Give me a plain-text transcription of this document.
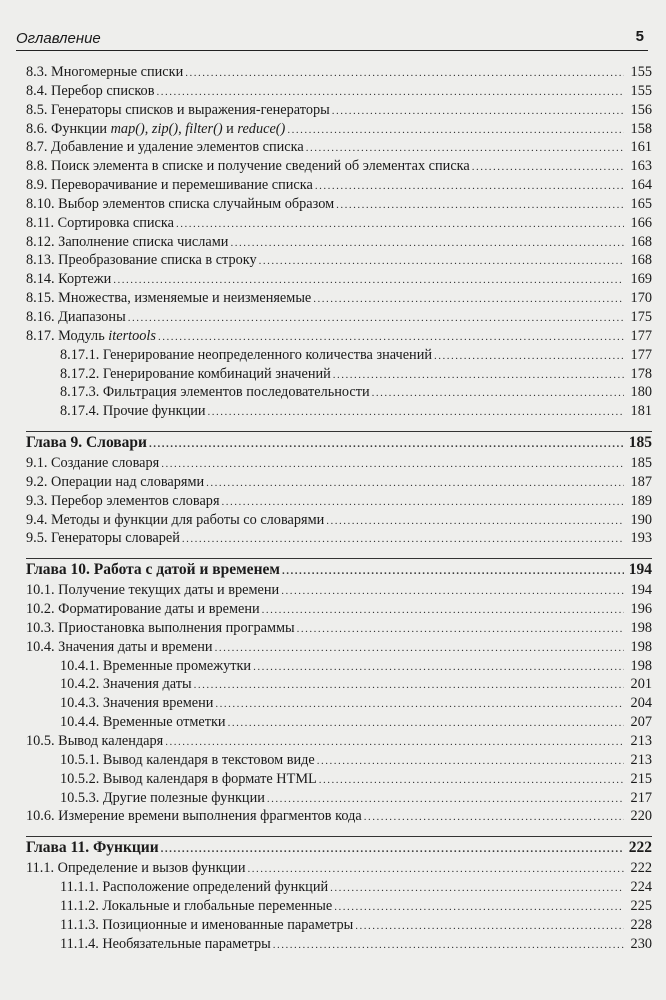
Оглавление	5
8.3. Многомерные списки .....	155
8.4. Перебор списков .....	155
8.5. Генераторы списков и выражения-генераторы .....	156
8.6. Функции map(), zip(), filter() и reduce() .....	158
8.7. Добавление и удаление элементов списка .....	161
8.8. Поиск элемента в списке и получение сведений об элементах списка .....	163
8.9. Переворачивание и перемешивание списка .....	164
8.10. Выбор элементов списка случайным образом .....	165
8.11. Сортировка списка .....	166
8.12. Заполнение списка числами .....	168
8.13. Преобразование списка в строку .....	168
8.14. Кортежи .....	169
8.15. Множества, изменяемые и неизменяемые .....	170
8.16. Диапазоны .....	175
8.17. Модуль itertools .....	177
8.17.1. Генерирование неопределенного количества значений .....	177
8.17.2. Генерирование комбинаций значений .....	178
8.17.3. Фильтрация элементов последовательности .....	180
8.17.4. Прочие функции .....	181
Глава 9. Словари .....	185
9.1. Создание словаря .....	185
9.2. Операции над словарями .....	187
9.3. Перебор элементов словаря .....	189
9.4. Методы и функции для работы со словарями .....	190
9.5. Генераторы словарей .....	193
Глава 10. Работа с датой и временем .....	194
10.1. Получение текущих даты и времени .....	194
10.2. Форматирование даты и времени .....	196
10.3. Приостановка выполнения программы .....	198
10.4. Значения даты и времени .....	198
10.4.1. Временные промежутки .....	198
10.4.2. Значения даты .....	201
10.4.3. Значения времени .....	204
10.4.4. Временные отметки .....	207
10.5. Вывод календаря .....	213
10.5.1. Вывод календаря в текстовом виде .....	213
10.5.2. Вывод календаря в формате HTML .....	215
10.5.3. Другие полезные функции .....	217
10.6. Измерение времени выполнения фрагментов кода .....	220
Глава 11. Функции .....	222
11.1. Определение и вызов функции .....	222
11.1.1. Расположение определений функций .....	224
11.1.2. Локальные и глобальные переменные .....	225
11.1.3. Позиционные и именованные параметры .....	228
11.1.4. Необязательные параметры .....	230
